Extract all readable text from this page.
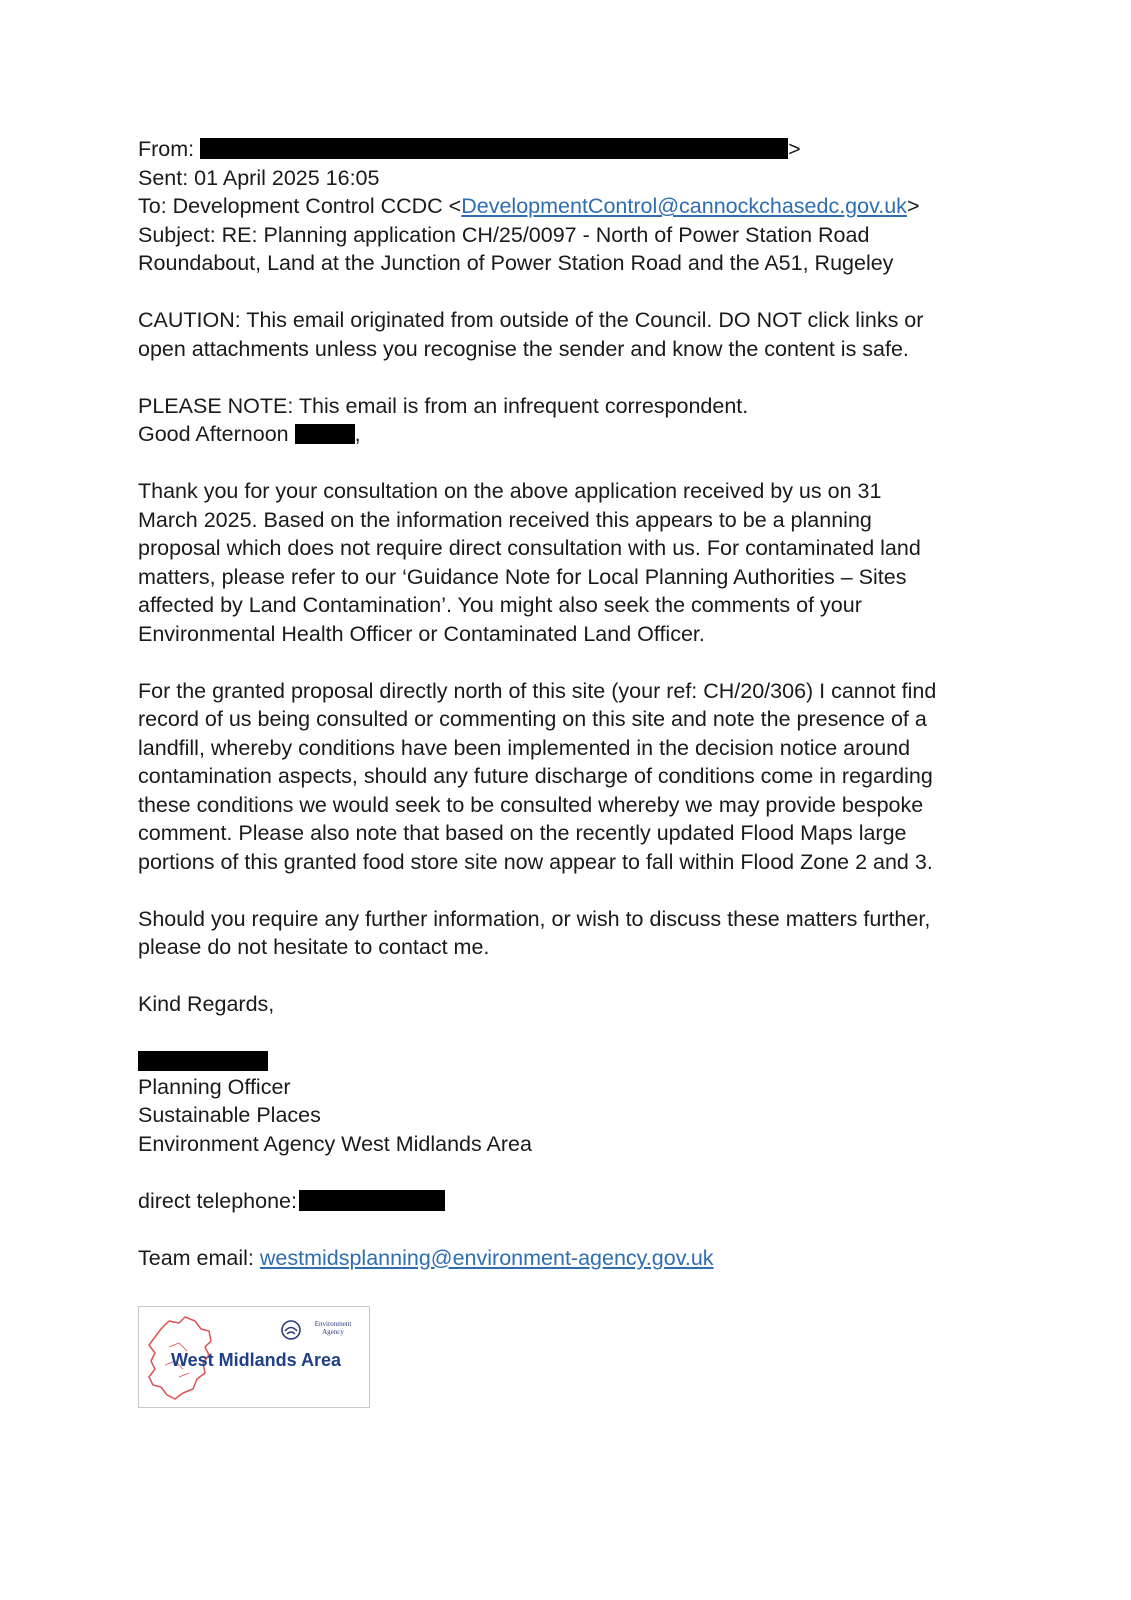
From:	>
Sent: 01 April 2025 16:05
To: Development Control CCDC <DevelopmentControl@cannockchasedc.gov.uk>
Subject: RE: Planning application CH/25/0097 - North of Power Station Road
Roundabout, Land at the Junction of Power Station Road and the A51, Rugeley
CAUTION: This email originated from outside of the Council. DO NOT click links or
open attachments unless you recognise the sender and know the content is safe.
PLEASE NOTE: This email is from an infrequent correspondent.
Good Afternoon	,
Thank you for your consultation on the above application received by us on 31
March 2025. Based on the information received this appears to be a planning
proposal which does not require direct consultation with us. For contaminated land
matters, please refer to our ‘Guidance Note for Local Planning Authorities – Sites
affected by Land Contamination’. You might also seek the comments of your
Environmental Health Officer or Contaminated Land Officer.
For the granted proposal directly north of this site (your ref: CH/20/306) I cannot find
record of us being consulted or commenting on this site and note the presence of a
landfill, whereby conditions have been implemented in the decision notice around
contamination aspects, should any future discharge of conditions come in regarding
these conditions we would seek to be consulted whereby we may provide bespoke
comment. Please also note that based on the recently updated Flood Maps large
portions of this granted food store site now appear to fall within Flood Zone 2 and 3.
Should you require any further information, or wish to discuss these matters further,
please do not hesitate to contact me.
Kind Regards,
Planning Officer
Sustainable Places
Environment Agency West Midlands Area
direct telephone:
Team email: westmidsplanning@environment-agency.gov.uk
Environment
Agency
West Midlands Area
